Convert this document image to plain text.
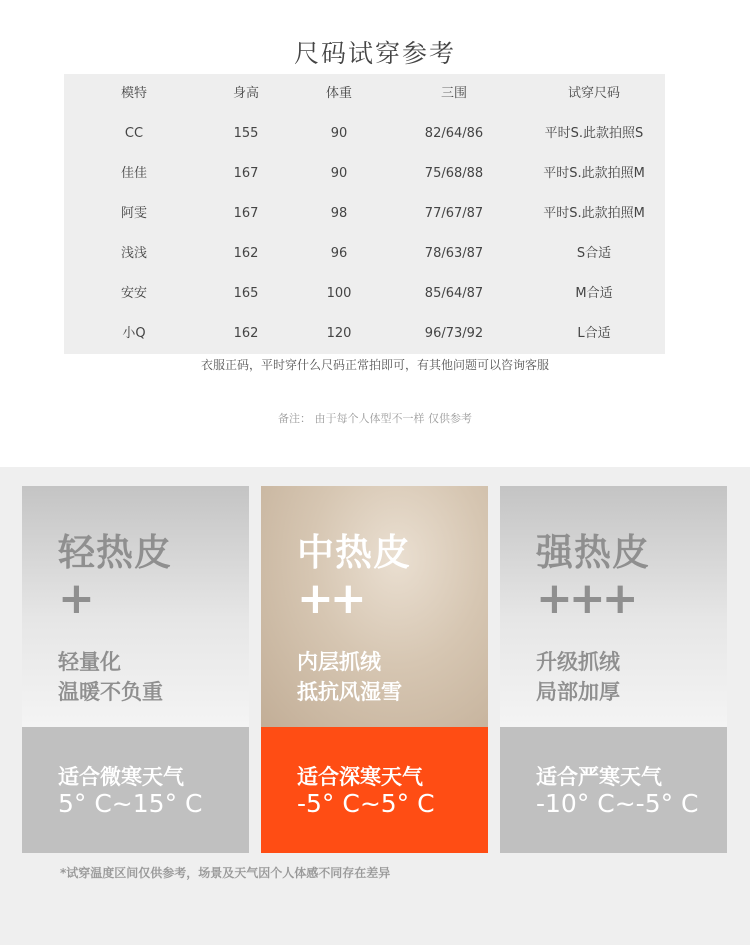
尺码试穿参考
模特	身高	体重	三围	试穿尺码
CC	155	90	82/64/86	平时S.此款拍照S
佳佳	167	90	75/68/88	平时S.此款拍照M
阿雯	167	98	77/67/87	平时S.此款拍照M
浅浅	162	96	78/63/87	S合适
安安	165	100	85/64/87	M合适
小Q	162	120	96/73/92	L合适
衣服正码，平时穿什么尺码正常拍即可，有其他问题可以咨询客服
备注： 由于每个人体型不一样 仅供参考
轻热皮
+
轻量化
温暖不负重
适合微寒天气
5° C~15° C
中热皮
++
内层抓绒
抵抗风湿雪
适合深寒天气
-5° C~5° C
强热皮
+++
升级抓绒
局部加厚
适合严寒天气
-10° C~-5° C
*试穿温度区间仅供参考，场景及天气因个人体感不同存在差异
